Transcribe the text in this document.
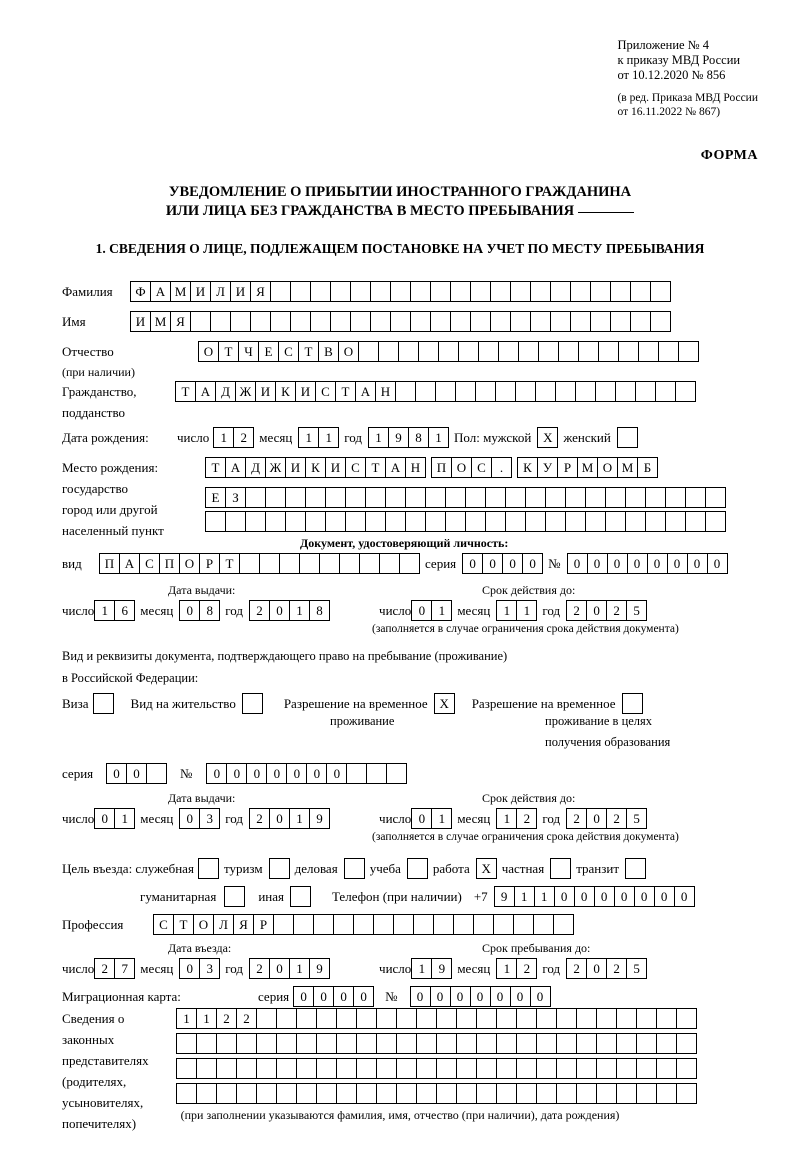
Приложение № 4
к приказу МВД России
от 10.12.2020 № 856
(в ред. Приказа МВД России
от 16.11.2022 № 867)
ФОРМА
УВЕДОМЛЕНИЕ О ПРИБЫТИИ ИНОСТРАННОГО ГРАЖДАНИНА
ИЛИ ЛИЦА БЕЗ ГРАЖДАНСТВА В МЕСТО ПРЕБЫВАНИЯ
1. СВЕДЕНИЯ О ЛИЦЕ, ПОДЛЕЖАЩЕМ ПОСТАНОВКЕ НА УЧЕТ ПО МЕСТУ ПРЕБЫВАНИЯ
Фамилия	Ф А М И Л И Я
Имя	И М Я
Отчество
(при наличии)
О Т Ч Е С Т В О
Гражданство,
подданство
Т А Д Ж И К И С Т А Н
Дата рождения:	число 1	2 месяц	1	1 год	1	9	8	1 Пол: мужской X женский
Место рождения:
государство
город или другой
населенный пункт
Т А Д Ж И К И С Т А Н	П О С	.	К У Р М О М Б
Е З
Документ, удостоверяющий личность:
вид	П А С П О Р Т	серия	0	0	0	0 №	0	0	0	0	0	0	0	0
Дата выдачи:	Срок действия до:
число 1	6 месяц	0	8 год	2	0	1	8	число 0	1 месяц	1	1 год	2	0	2	5
(заполняется в случае ограничения срока действия документа)
Вид и реквизиты документа, подтверждающего право на пребывание (проживание)
в Российской Федерации:
Виза	Вид на жительство	Разрешение на временное X	Разрешение на временное
проживание	проживание в целях
получения образования
серия	0	0	№	0	0	0	0	0	0	0
Дата выдачи:	Срок действия до:
число 0	1 месяц	0	3 год	2	0	1	9	число 0	1 месяц	1	2 год	2	0	2	5
(заполняется в случае ограничения срока действия документа)
Цель въезда: служебная	туризм	деловая	учеба	работа X частная	транзит
гуманитарная	иная	Телефон (при наличии) +7	9	1	1	0	0	0	0	0	0	0
Профессия	С Т О Л Я Р
Дата въезда:	Срок пребывания до:
число 2	7 месяц	0	3 год	2	0	1	9	число 1	9 месяц	1	2 год	2	0	2	5
Миграционная карта:	серия 0	0	0	0	№	0	0	0	0	0	0	0
Сведения о
законных
представителях
(родителях,
усыновителях,
попечителях)
1	1	2	2
(при заполнении указываются фамилия, имя, отчество (при наличии), дата рождения)
